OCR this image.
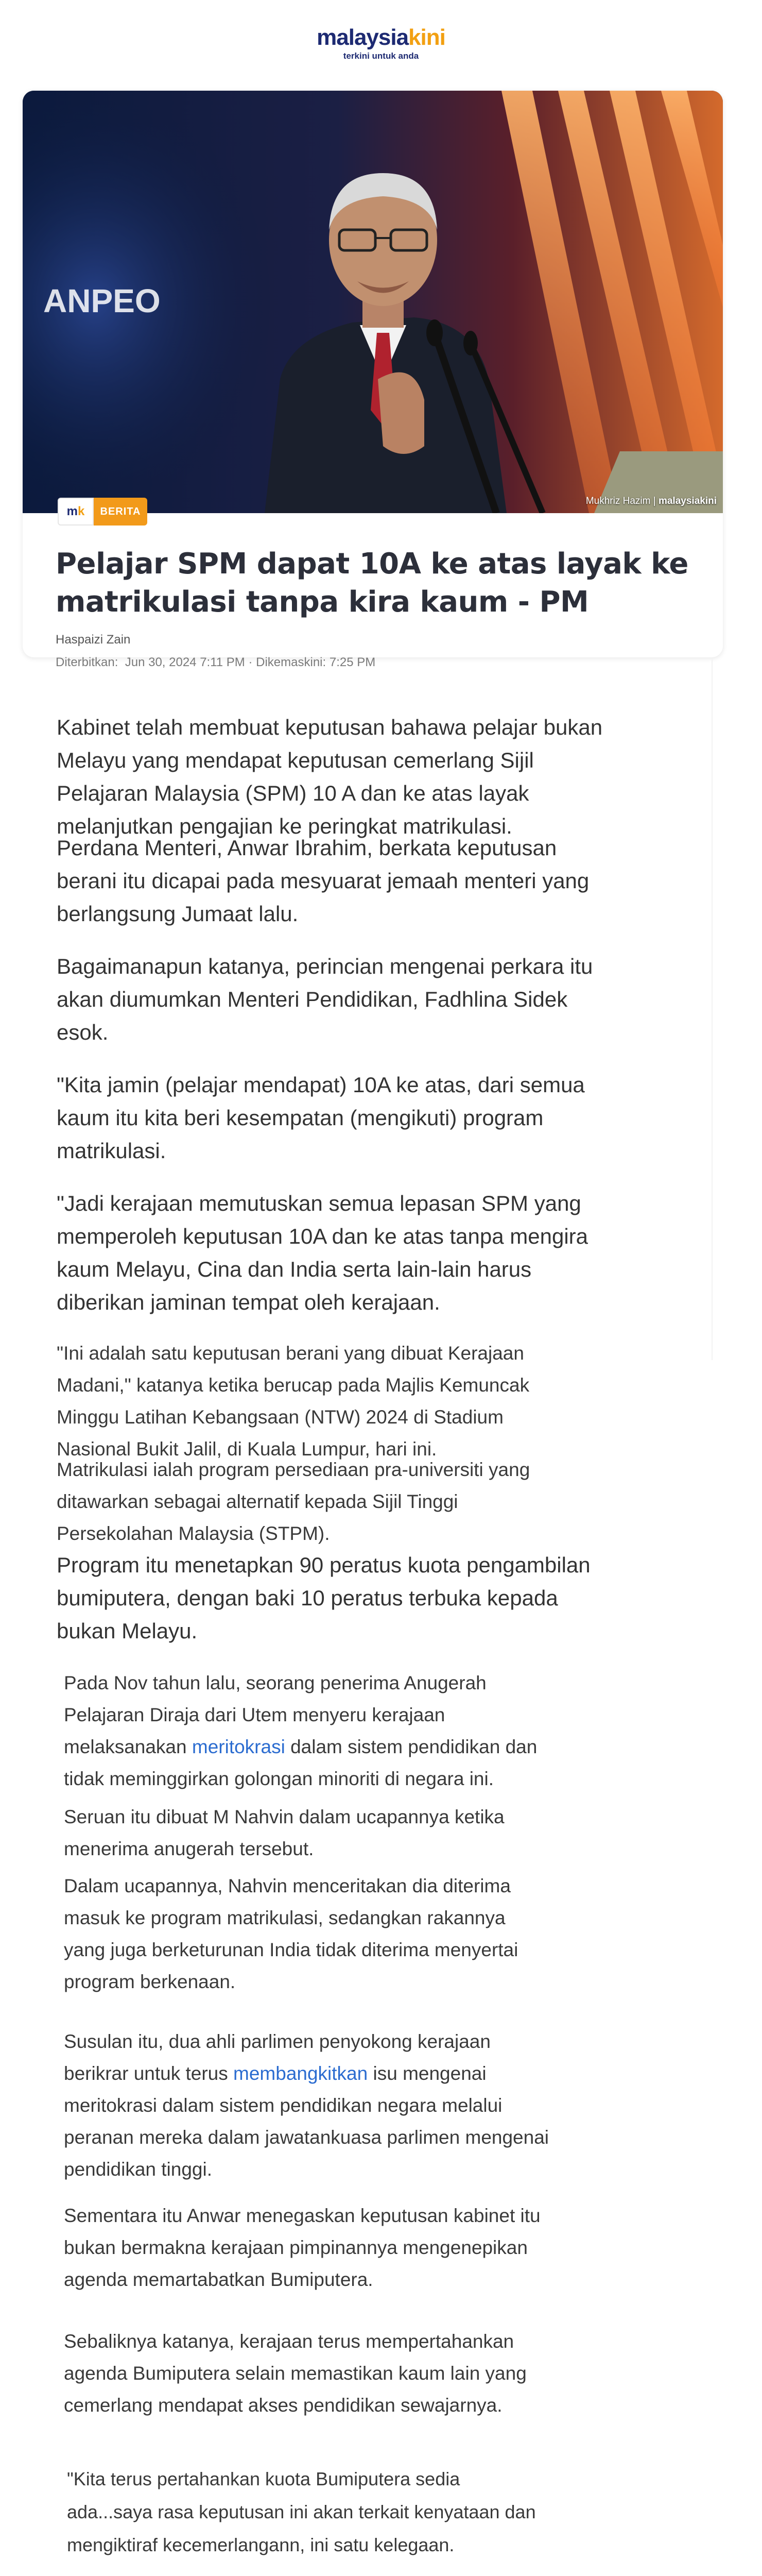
malaysiakini
terkini untuk anda
ANPEO
Mukhriz Hazim | malaysiakini
m k	BERITA
Pelajar SPM dapat 10A ke atas layak ke matrikulasi tanpa kira kaum - PM
Haspaizi Zain
Diterbitkan: Jun 30, 2024 7:11 PM · Dikemaskini: 7:25 PM

Kabinet telah membuat keputusan bahawa pelajar bukan
Melayu yang mendapat keputusan cemerlang Sijil
Pelajaran Malaysia (SPM) 10 A dan ke atas layak
melanjutkan pengajian ke peringkat matrikulasi.

Perdana Menteri, Anwar Ibrahim, berkata keputusan
berani itu dicapai pada mesyuarat jemaah menteri yang
berlangsung Jumaat lalu.

Bagaimanapun katanya, perincian mengenai perkara itu
akan diumumkan Menteri Pendidikan, Fadhlina Sidek
esok.

"Kita jamin (pelajar mendapat) 10A ke atas, dari semua
kaum itu kita beri kesempatan (mengikuti) program
matrikulasi.

"Jadi kerajaan memutuskan semua lepasan SPM yang
memperoleh keputusan 10A dan ke atas tanpa mengira
kaum Melayu, Cina dan India serta lain-lain harus
diberikan jaminan tempat oleh kerajaan.

"Ini adalah satu keputusan berani yang dibuat Kerajaan
Madani," katanya ketika berucap pada Majlis Kemuncak
Minggu Latihan Kebangsaan (NTW) 2024 di Stadium
Nasional Bukit Jalil, di Kuala Lumpur, hari ini.

Matrikulasi ialah program persediaan pra-universiti yang
ditawarkan sebagai alternatif kepada Sijil Tinggi
Persekolahan Malaysia (STPM).

Program itu menetapkan 90 peratus kuota pengambilan
bumiputera, dengan baki 10 peratus terbuka kepada
bukan Melayu.

Pada Nov tahun lalu, seorang penerima Anugerah
Pelajaran Diraja dari Utem menyeru kerajaan
melaksanakan meritokrasi dalam sistem pendidikan dan
tidak meminggirkan golongan minoriti di negara ini.

Seruan itu dibuat M Nahvin dalam ucapannya ketika
menerima anugerah tersebut.

Dalam ucapannya, Nahvin menceritakan dia diterima
masuk ke program matrikulasi, sedangkan rakannya
yang juga berketurunan India tidak diterima menyertai
program berkenaan.

Susulan itu, dua ahli parlimen penyokong kerajaan
berikrar untuk terus membangkitkan isu mengenai
meritokrasi dalam sistem pendidikan negara melalui
peranan mereka dalam jawatankuasa parlimen mengenai
pendidikan tinggi.

Sementara itu Anwar menegaskan keputusan kabinet itu
bukan bermakna kerajaan pimpinannya mengenepikan
agenda memartabatkan Bumiputera.

Sebaliknya katanya, kerajaan terus mempertahankan
agenda Bumiputera selain memastikan kaum lain yang
cemerlang mendapat akses pendidikan sewajarnya.

"Kita terus pertahankan kuota Bumiputera sedia
ada...saya rasa keputusan ini akan terkait kenyataan dan
mengiktiraf kecemerlangann, ini satu kelegaan.
